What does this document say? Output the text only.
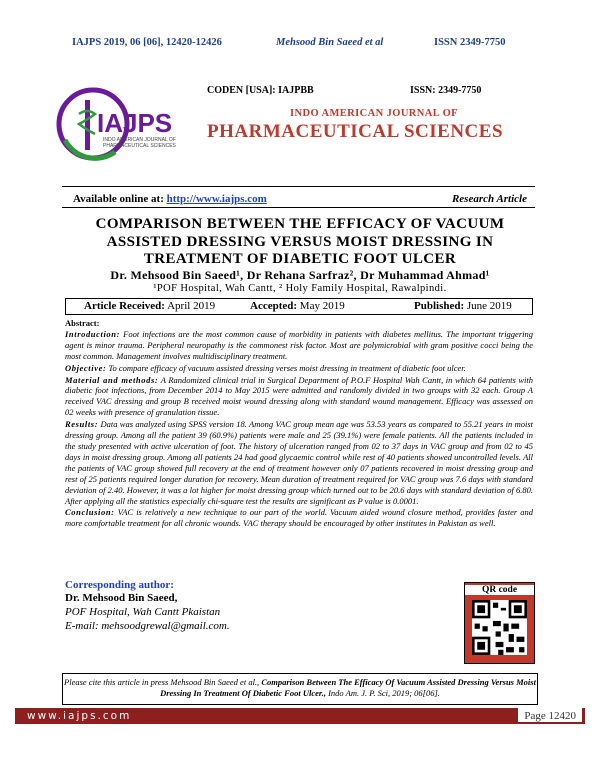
IAJPS 2019, 06 [06], 12420-12426	Mehsood Bin Saeed et al	ISSN 2349-7750
IAJPS
INDO AMERICAN JOURNAL OF
PHARMACEUTICAL SCIENCES
CODEN [USA]: IAJPBB	ISSN: 2349-7750
INDO AMERICAN JOURNAL OF
PHARMACEUTICAL SCIENCES
Available online at: http://www.iajps.com	Research Article
COMPARISON BETWEEN THE EFFICACY OF VACUUM
ASSISTED DRESSING VERSUS MOIST DRESSING IN
TREATMENT OF DIABETIC FOOT ULCER
Dr. Mehsood Bin Saeed¹, Dr Rehana Sarfraz², Dr Muhammad Ahmad¹
¹POF Hospital, Wah Cantt, ² Holy Family Hospital, Rawalpindi.
Article Received: April 2019	Accepted: May 2019	Published: June 2019
Abstract:

Introduction: Foot infections are the most common cause of morbidity in patients with diabetes mellitus. The important triggering agent is minor trauma. Peripheral neuropathy is the commonest risk factor. Most are polymicrobial with gram positive cocci being the most common. Management involves multidisciplinary treatment.

Objective: To compare efficacy of vacuum assisted dressing verses moist dressing in treatment of diabetic foot ulcer.

Material and methods: A Randomized clinical trial in Surgical Department of P.O.F Hospital Wah Cantt, in which 64 patients with diabetic foot infections, from December 2014 to May 2015 were admitted and randomly divided in two groups with 32 each. Group A received VAC dressing and group B received moist wound dressing along with standard wound management. Efficacy was assessed on 02 weeks with presence of granulation tissue.

Results: Data was analyzed using SPSS version 18. Among VAC group mean age was 53.53 years as compared to 55.21 years in moist dressing group. Among all the patient 39 (60.9%) patients were male and 25 (39.1%) were female patients. All the patients included in the study presented with active ulceration of foot. The history of ulceration ranged from 02 to 37 days in VAC group and from 02 to 45 days in moist dressing group. Among all patients 24 had good glycaemic control while rest of 40 patients showed uncontrolled levels. All the patients of VAC group showed full recovery at the end of treatment however only 07 patients recovered in moist dressing group and rest of 25 patients required longer duration for recovery. Mean duration of treatment required for VAC group was 7.6 days with standard deviation of 2.40. However, it was a lot higher for moist dressing group which turned out to be 20.6 days with standard deviation of 6.80. After applying all the statistics especially chi-square test the results are significant as P value is 0.0001.

Conclusion: VAC is relatively a new technique to our part of the world. Vacuum aided wound closure method, provides faster and more comfortable treatment for all chronic wounds. VAC therapy should be encouraged by other institutes in Pakistan as well.

Corresponding author:
Dr. Mehsood Bin Saeed,
POF Hospital, Wah Cantt Pkaistan
E-mail: mehsoodgrewal@gmail.com.
QR code
Please cite this article in press Mehsood Bin Saeed et al., Comparison Between The Efficacy Of Vacuum Assisted Dressing Versus Moist Dressing In Treatment Of Diabetic Foot Ulcer., Indo Am. J. P. Sci, 2019; 06[06].
www.iajps.com	Page 12420
